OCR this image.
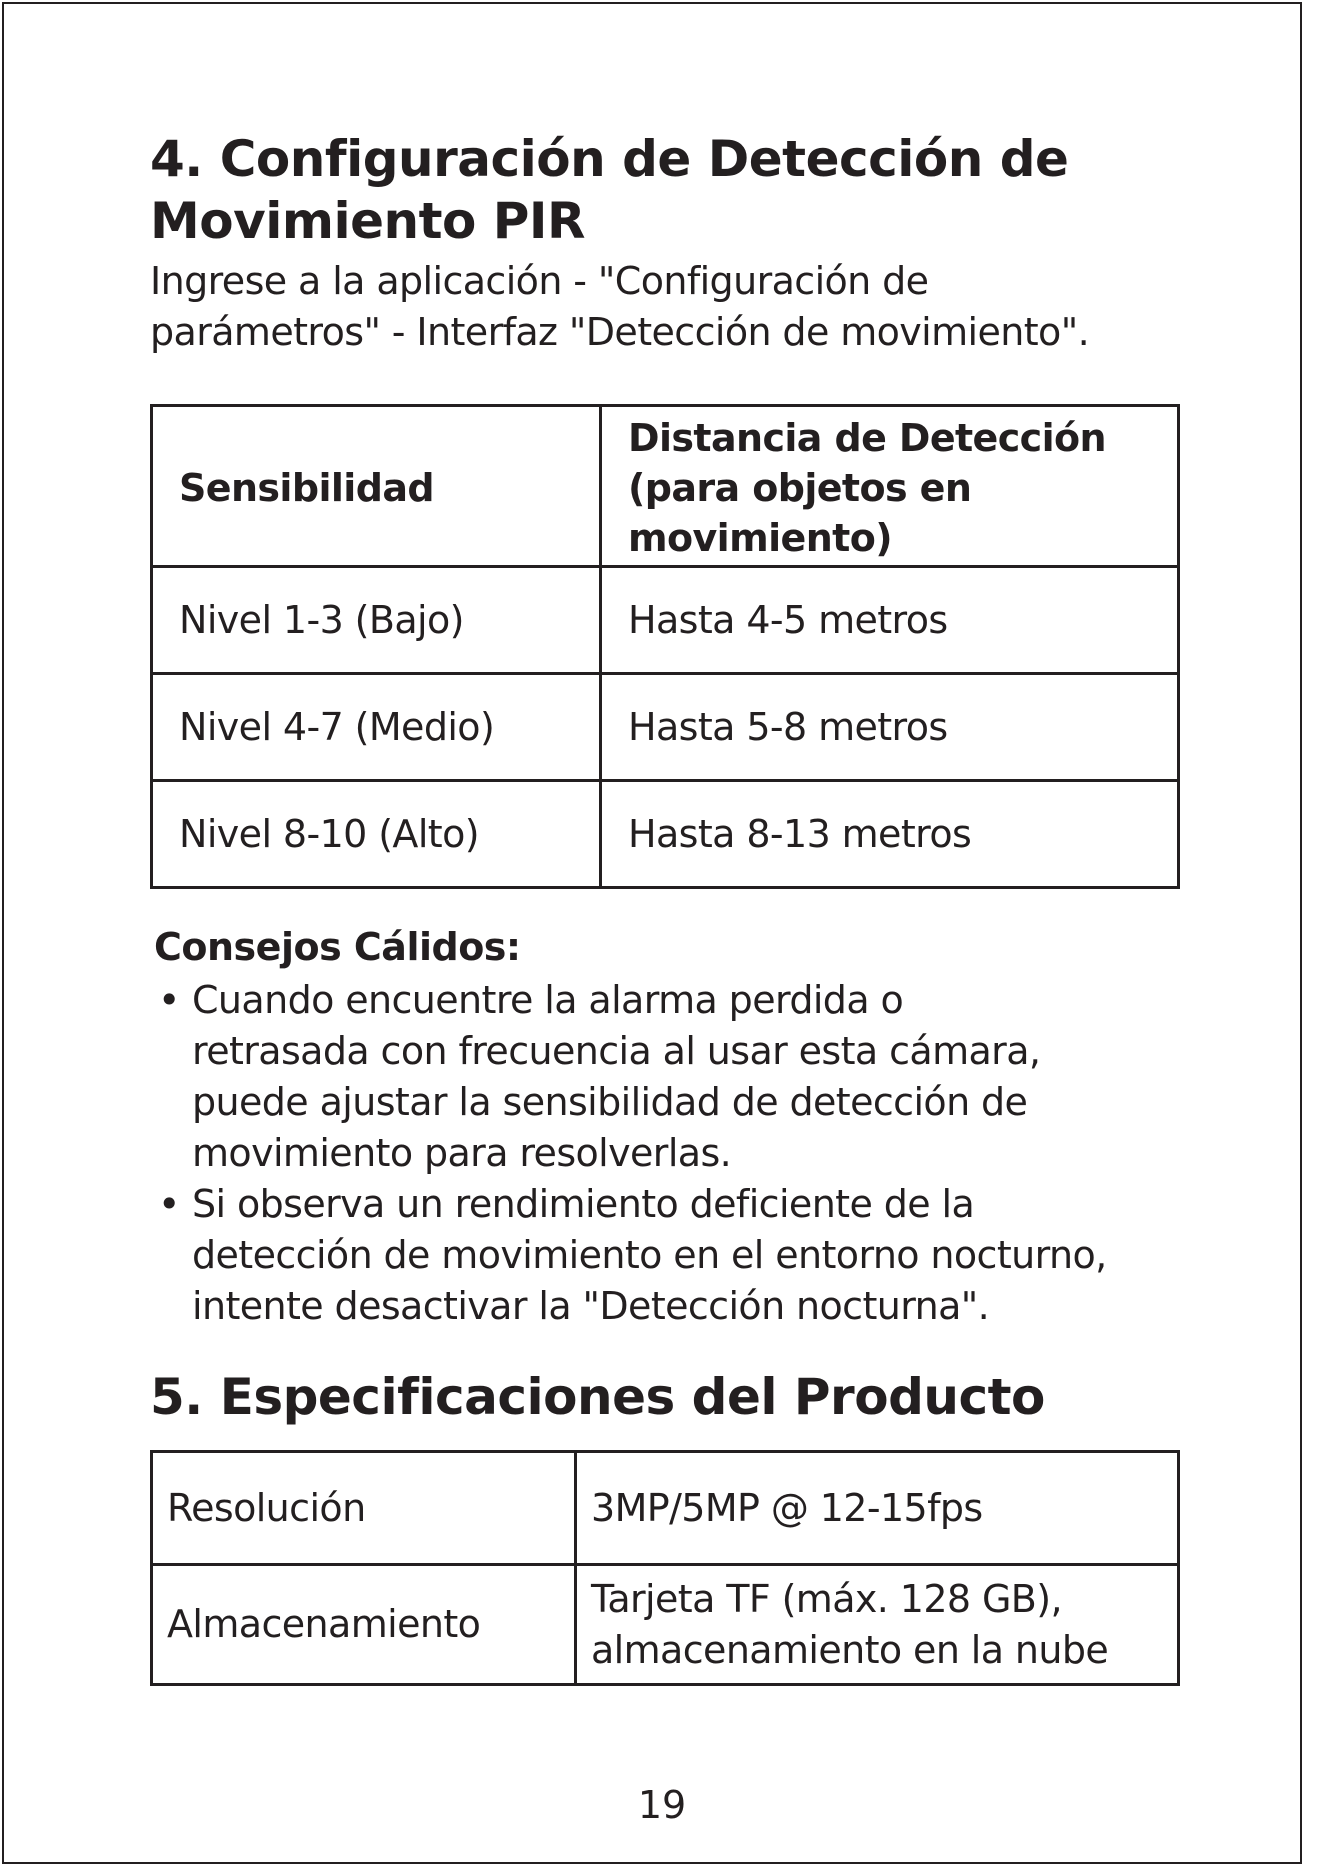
4. Configuración de Detección de
Movimiento PIR

Ingrese a la aplicación - "Configuración de
parámetros" - Interfaz "Detección de movimiento".

Sensibilidad	Distancia de Detección
(para objetos en
movimiento)
Nivel 1-3 (Bajo)	Hasta 4-5 metros
Nivel 4-7 (Medio)	Hasta 5-8 metros
Nivel 8-10 (Alto)	Hasta 8-13 metros
Consejos Cálidos:
• Cuando encuentre la alarma perdida o
retrasada con frecuencia al usar esta cámara,
puede ajustar la sensibilidad de detección de
movimiento para resolverlas.
• Si observa un rendimiento deficiente de la
detección de movimiento en el entorno nocturno,
intente desactivar la "Detección nocturna".
5. Especificaciones del Producto
Resolución	3MP/5MP @ 12-15fps
Almacenamiento	Tarjeta TF (máx. 128 GB),
almacenamiento en la nube
19
